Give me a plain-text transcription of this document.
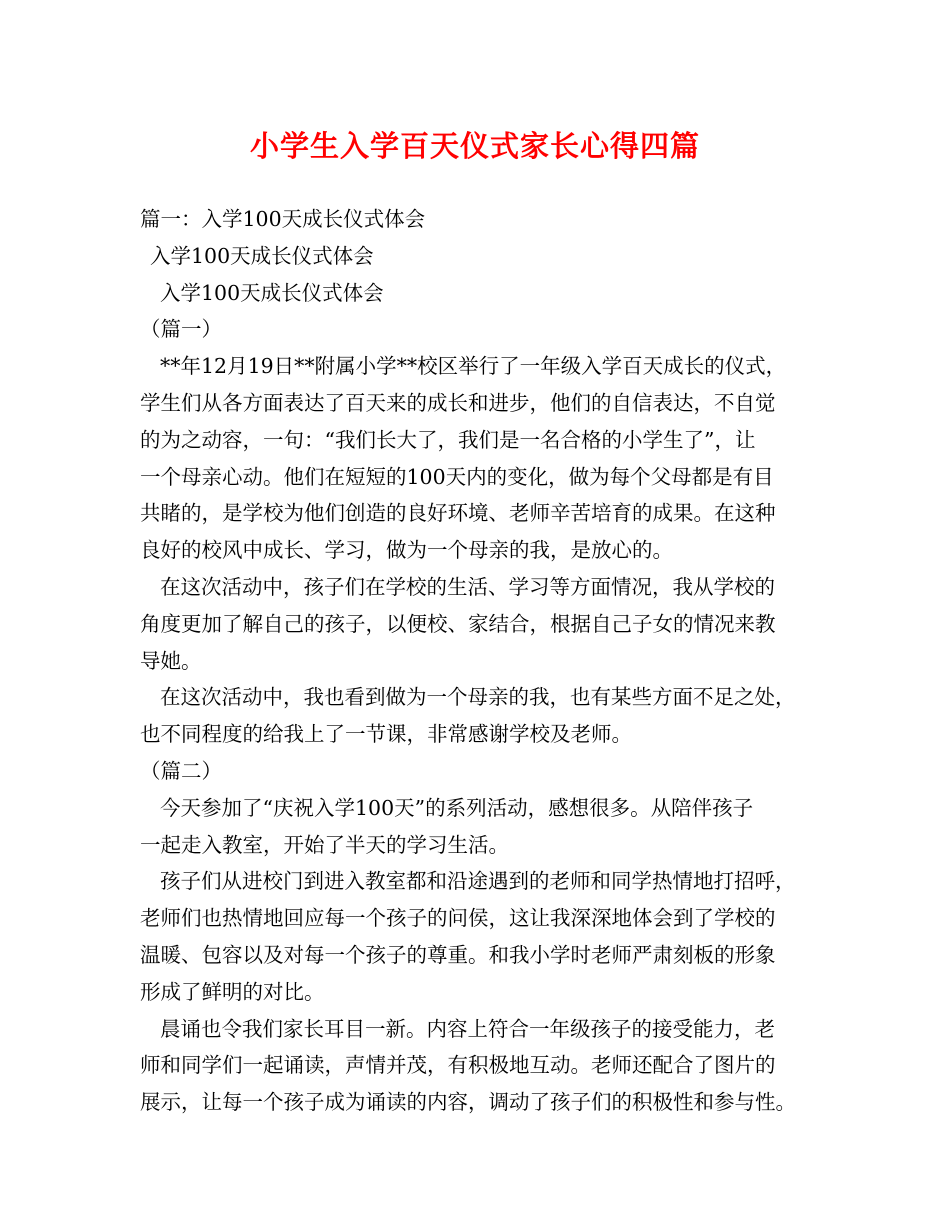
小学生入学百天仪式家长心得四篇
篇一：入学100天成长仪式体会
入学100天成长仪式体会
入学100天成长仪式体会
（篇一）
**年12月19日**附属小学**校区举行了一年级入学百天成长的仪式，
学生们从各方面表达了百天来的成长和进步，他们的自信表达，不自觉
的为之动容，一句：“我们长大了，我们是一名合格的小学生了”，让
一个母亲心动。他们在短短的100天内的变化，做为每个父母都是有目
共睹的，是学校为他们创造的良好环境、老师辛苦培育的成果。在这种
良好的校风中成长、学习，做为一个母亲的我，是放心的。
在这次活动中，孩子们在学校的生活、学习等方面情况，我从学校的
角度更加了解自己的孩子，以便校、家结合，根据自己子女的情况来教
导她。
在这次活动中，我也看到做为一个母亲的我，也有某些方面不足之处，
也不同程度的给我上了一节课，非常感谢学校及老师。
（篇二）
今天参加了“庆祝入学100天”的系列活动，感想很多。从陪伴孩子
一起走入教室，开始了半天的学习生活。
孩子们从进校门到进入教室都和沿途遇到的老师和同学热情地打招呼，
老师们也热情地回应每一个孩子的问侯，这让我深深地体会到了学校的
温暖、包容以及对每一个孩子的尊重。和我小学时老师严肃刻板的形象
形成了鲜明的对比。
晨诵也令我们家长耳目一新。内容上符合一年级孩子的接受能力，老
师和同学们一起诵读，声情并茂，有积极地互动。老师还配合了图片的
展示，让每一个孩子成为诵读的内容，调动了孩子们的积极性和参与性。
